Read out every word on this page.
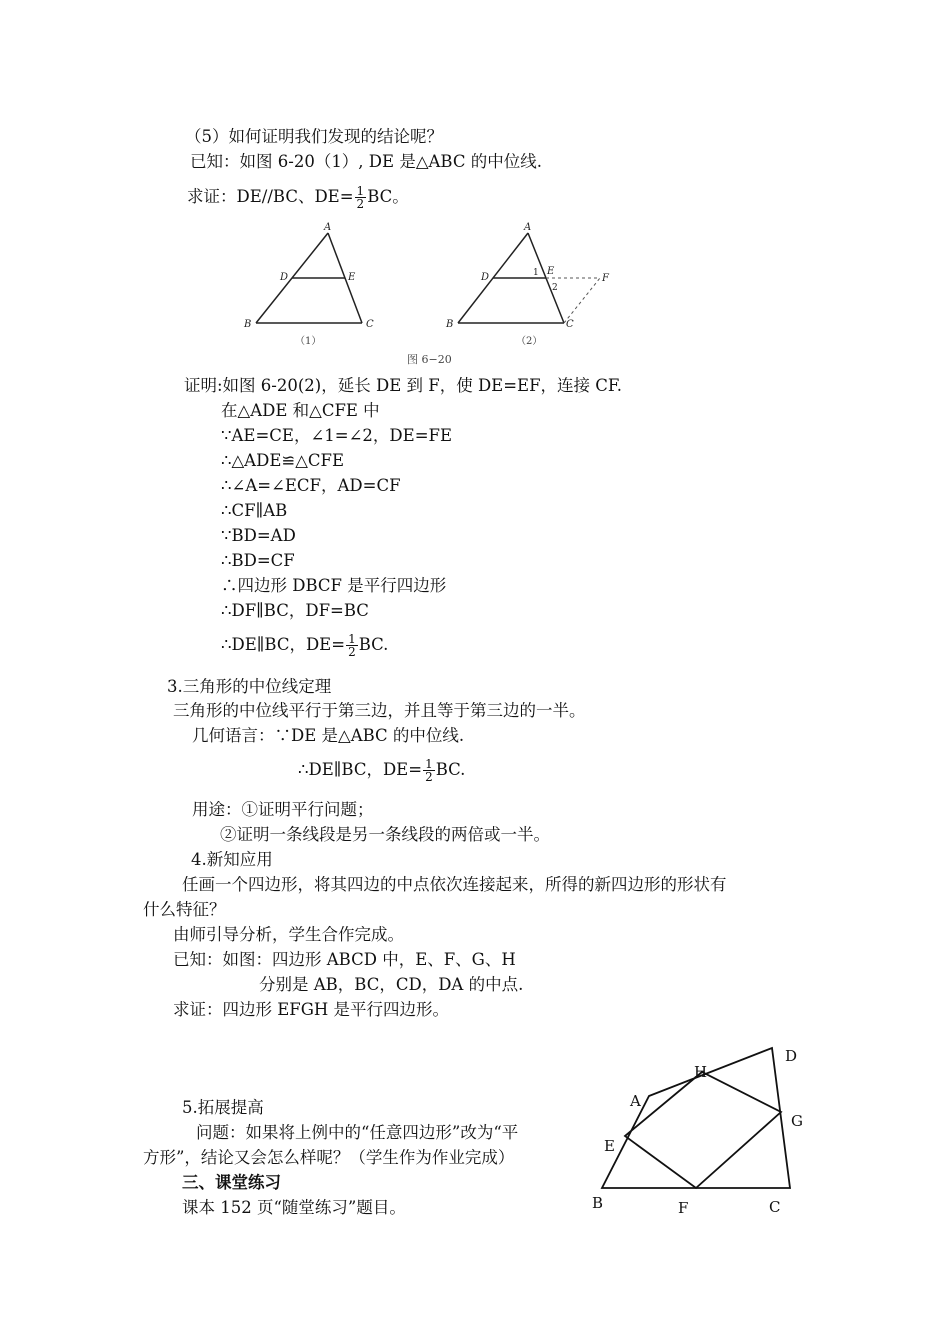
（5）如何证明我们发现的结论呢？
已知：如图 6-20（1）, DE 是△ABC 的中位线.
求证：DE//BC、$DE= \frac{1}{2}$ BC。
A
D	E
B	C
（1）
A
D
E
F
B	C
1
2
（2）
图 6−20
证明:如图 6-20(2)，延长 DE 到 F，使 DE=EF，连接 CF.
在△ADE 和△CFE 中
∵AE=CE，∠1=∠2，DE=FE
∴△ADE≌△CFE
∴∠A=∠ECF，AD=CF
∴CF∥AB
∵BD=AD
∴BD=CF
∴四边形 DBCF 是平行四边形
∴DF∥BC，DF=BC
∴DE∥BC，$DE= \frac{1}{2}$ BC.
3.三角形的中位线定理
三角形的中位线平行于第三边，并且等于第三边的一半。
几何语言：∵DE 是△ABC 的中位线.
∴DE∥BC，$DE= \frac{1}{2}$ BC.
用途：①证明平行问题；
②证明一条线段是另一条线段的两倍或一半。
4.新知应用
任画一个四边形，将其四边的中点依次连接起来，所得的新四边形的形状有
什么特征？
由师引导分析，学生合作完成。
已知：如图：四边形 ABCD 中，E、F、G、H
分别是 AB，BC，CD，DA 的中点.
求证：四边形 EFGH 是平行四边形。
A
H
D
G
E
B	F	C
5.拓展提高
问题：如果将上例中的“任意四边形”改为“平
方形”，结论又会怎么样呢？（学生作为作业完成）
三、课堂练习
课本 152 页“随堂练习”题目。
